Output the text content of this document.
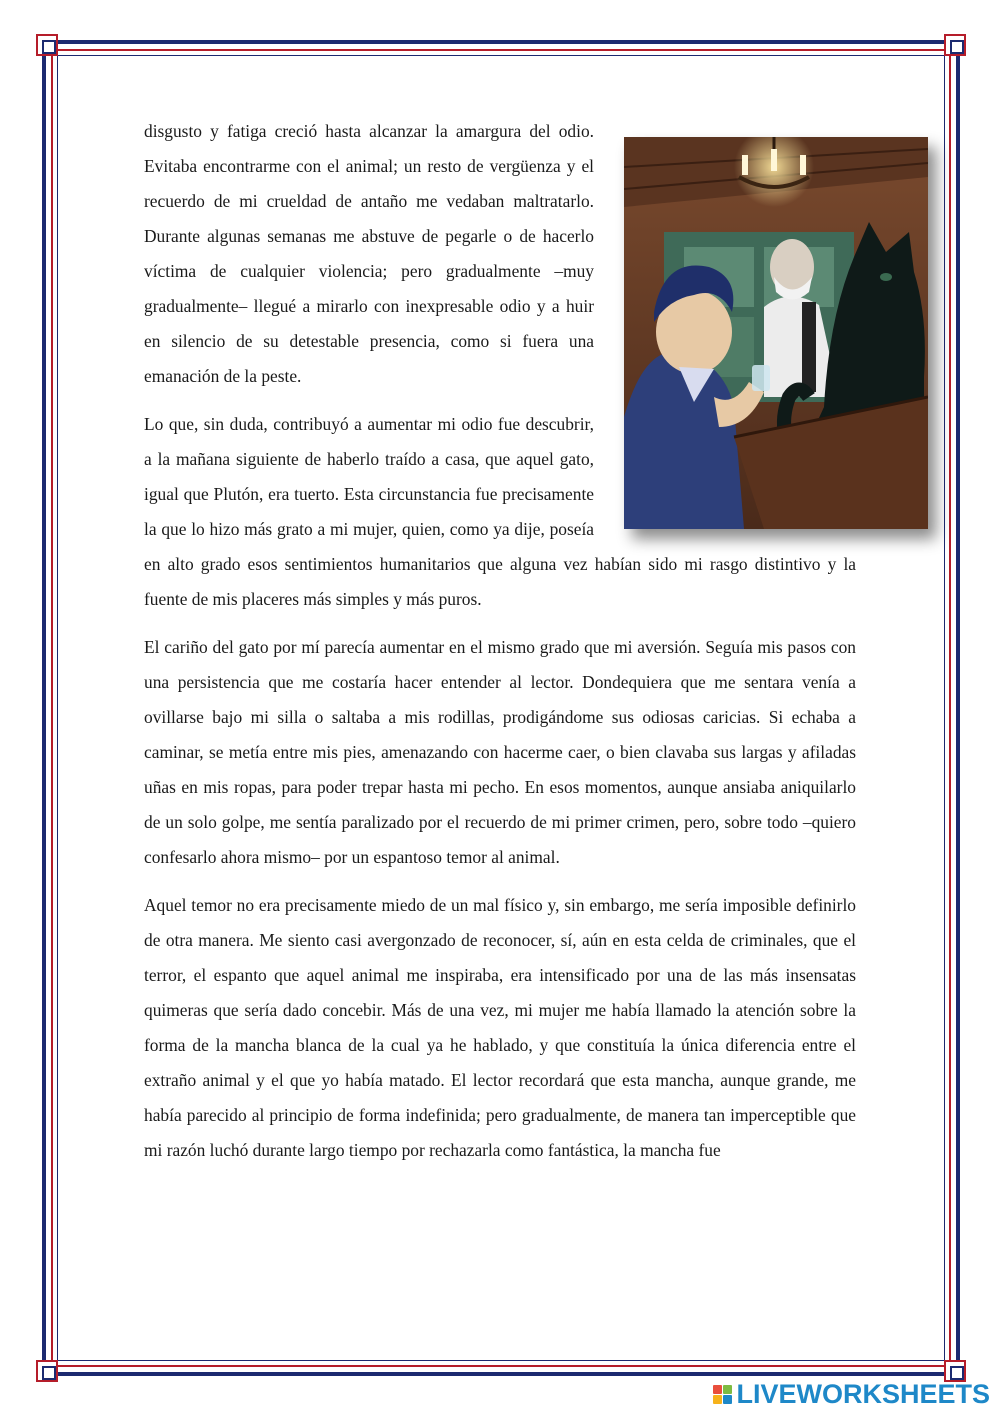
disgusto y fatiga creció hasta alcanzar la amargura del odio. Evitaba encontrarme con el animal; un resto de vergüenza y el recuerdo de mi crueldad de antaño me vedaban maltratarlo. Durante algunas semanas me abstuve de pegarle o de hacerlo víctima de cualquier violencia; pero gradualmente –muy gradualmente– llegué a mirarlo con inexpresable odio y a huir en silencio de su detestable presencia, como si fuera una emanación de la peste.

Lo que, sin duda, contribuyó a aumentar mi odio fue descubrir, a la mañana siguiente de haberlo traído a casa, que aquel gato, igual que Plutón, era tuerto. Esta circunstancia fue precisamente la que lo hizo más grato a mi mujer, quien, como ya dije, poseía en alto grado esos sentimientos humanitarios que alguna vez habían sido mi rasgo distintivo y la fuente de mis placeres más simples y más puros.

El cariño del gato por mí parecía aumentar en el mismo grado que mi aversión. Seguía mis pasos con una persistencia que me costaría hacer entender al lector. Dondequiera que me sentara venía a ovillarse bajo mi silla o saltaba a mis rodillas, prodigándome sus odiosas caricias. Si echaba a caminar, se metía entre mis pies, amenazando con hacerme caer, o bien clavaba sus largas y afiladas uñas en mis ropas, para poder trepar hasta mi pecho. En esos momentos, aunque ansiaba aniquilarlo de un solo golpe, me sentía paralizado por el recuerdo de mi primer crimen, pero, sobre todo –quiero confesarlo ahora mismo– por un espantoso temor al animal.

Aquel temor no era precisamente miedo de un mal físico y, sin embargo, me sería imposible definirlo de otra manera. Me siento casi avergonzado de reconocer, sí, aún en esta celda de criminales, que el terror, el espanto que aquel animal me inspiraba, era intensificado por una de las más insensatas quimeras que sería dado concebir. Más de una vez, mi mujer me había llamado la atención sobre la forma de la mancha blanca de la cual ya he hablado, y que constituía la única diferencia entre el extraño animal y el que yo había matado. El lector recordará que esta mancha, aunque grande, me había parecido al principio de forma indefinida; pero gradualmente, de manera tan imperceptible que mi razón luchó durante largo tiempo por rechazarla como fantástica, la mancha fue

LIVEWORKSHEETS
